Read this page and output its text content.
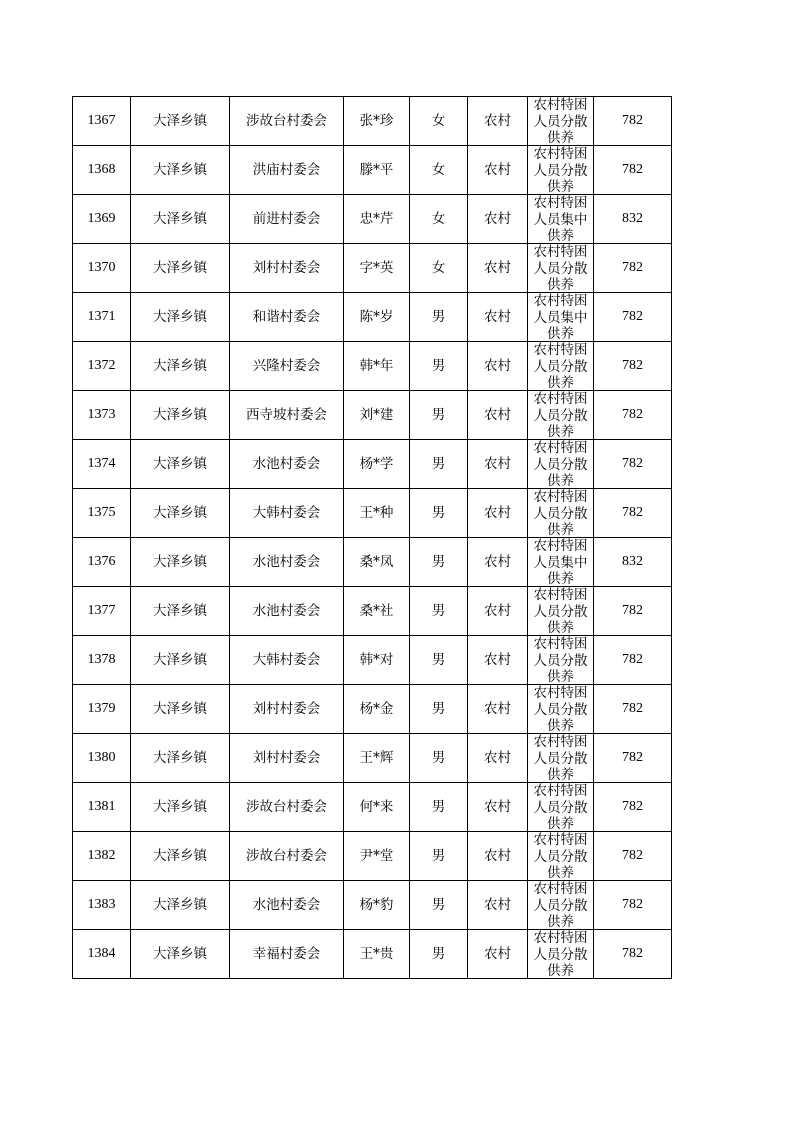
1367	大泽乡镇	涉故台村委会	张*珍	女	农村	农村特困
人员分散
供养	782
1368	大泽乡镇	洪庙村委会	滕*平	女	农村	农村特困
人员分散
供养	782
1369	大泽乡镇	前进村委会	忠*芹	女	农村	农村特困
人员集中
供养	832
1370	大泽乡镇	刘村村委会	字*英	女	农村	农村特困
人员分散
供养	782
1371	大泽乡镇	和谐村委会	陈*岁	男	农村	农村特困
人员集中
供养	782
1372	大泽乡镇	兴隆村委会	韩*年	男	农村	农村特困
人员分散
供养	782
1373	大泽乡镇	西寺坡村委会	刘*建	男	农村	农村特困
人员分散
供养	782
1374	大泽乡镇	水池村委会	杨*学	男	农村	农村特困
人员分散
供养	782
1375	大泽乡镇	大韩村委会	王*种	男	农村	农村特困
人员分散
供养	782
1376	大泽乡镇	水池村委会	桑*凤	男	农村	农村特困
人员集中
供养	832
1377	大泽乡镇	水池村委会	桑*社	男	农村	农村特困
人员分散
供养	782
1378	大泽乡镇	大韩村委会	韩*对	男	农村	农村特困
人员分散
供养	782
1379	大泽乡镇	刘村村委会	杨*金	男	农村	农村特困
人员分散
供养	782
1380	大泽乡镇	刘村村委会	王*辉	男	农村	农村特困
人员分散
供养	782
1381	大泽乡镇	涉故台村委会	何*来	男	农村	农村特困
人员分散
供养	782
1382	大泽乡镇	涉故台村委会	尹*堂	男	农村	农村特困
人员分散
供养	782
1383	大泽乡镇	水池村委会	杨*豹	男	农村	农村特困
人员分散
供养	782
1384	大泽乡镇	幸福村委会	王*贵	男	农村	农村特困
人员分散
供养	782
